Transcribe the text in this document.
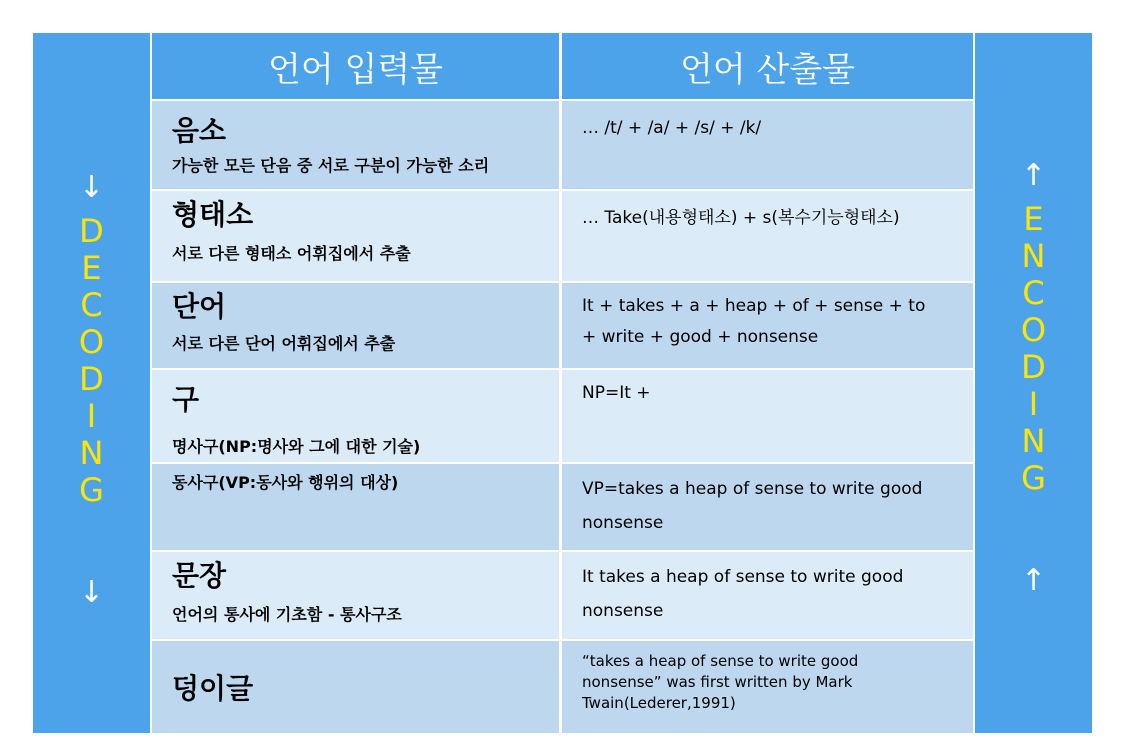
↓
D
E
C
O
D
I
N
G
↓
↑
E
N
C
O
D
I
N
G
↑
언어 입력물	언어 산출물
음소
가능한 모든 단음 중 서로 구분이 가능한 소리
… /t/ + /a/ + /s/ + /k/
형태소
서로 다른 형태소 어휘집에서 추출
… Take(내용형태소) + s(복수기능형태소)
단어
서로 다른 단어 어휘집에서 추출
It + takes + a + heap + of + sense + to
+ write + good + nonsense
구
명사구(NP:명사와 그에 대한 기술)
NP=It +
동사구(VP:동사와 행위의 대상)	VP=takes a heap of sense to write good
nonsense
문장
언어의 통사에 기초함 - 통사구조
It takes a heap of sense to write good
nonsense
덩이글
“takes a heap of sense to write good
nonsense” was first written by Mark
Twain(Lederer,1991)
